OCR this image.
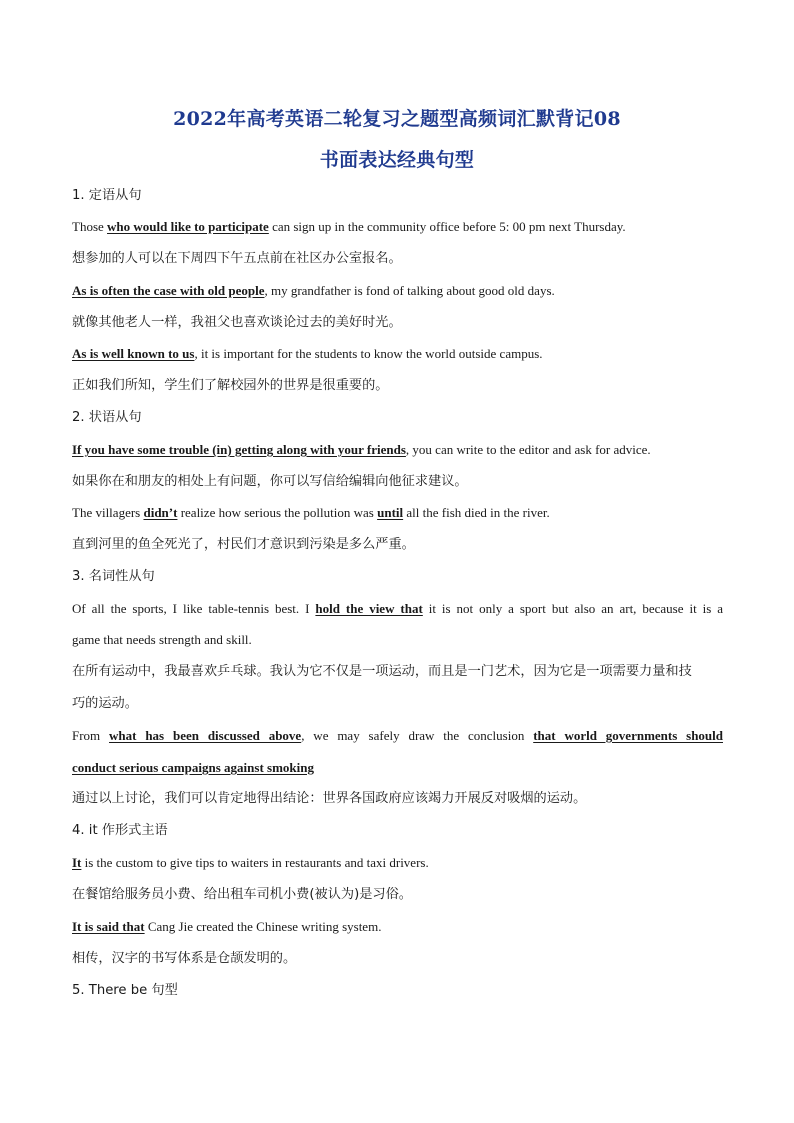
2022年高考英语二轮复习之题型高频词汇默背记08
书面表达经典句型
1. 定语从句
Those who would like to participate can sign up in the community office before 5: 00 pm next Thursday.
想参加的人可以在下周四下午五点前在社区办公室报名。
As is often the case with old people, my grandfather is fond of talking about good old days.
就像其他老人一样，我祖父也喜欢谈论过去的美好时光。
As is well known to us, it is important for the students to know the world outside campus.
正如我们所知，学生们了解校园外的世界是很重要的。
2. 状语从句
If you have some trouble (in) getting along with your friends, you can write to the editor and ask for advice.
如果你在和朋友的相处上有问题，你可以写信给编辑向他征求建议。
The villagers didn’t realize how serious the pollution was until all the fish died in the river.
直到河里的鱼全死光了，村民们才意识到污染是多么严重。
3. 名词性从句
Of all the sports, I like table-tennis best. I hold the view that it is not only a sport but also an art, because it is a
game that needs strength and skill.
在所有运动中，我最喜欢乒乓球。我认为它不仅是一项运动，而且是一门艺术，因为它是一项需要力量和技
巧的运动。
From what has been discussed above, we may safely draw the conclusion that world governments should
conduct serious campaigns against smoking
通过以上讨论，我们可以肯定地得出结论：世界各国政府应该竭力开展反对吸烟的运动。
4. it 作形式主语
It is the custom to give tips to waiters in restaurants and taxi drivers.
在餐馆给服务员小费、给出租车司机小费(被认为)是习俗。
It is said that Cang Jie created the Chinese writing system.
相传，汉字的书写体系是仓颉发明的。
5. There be 句型
